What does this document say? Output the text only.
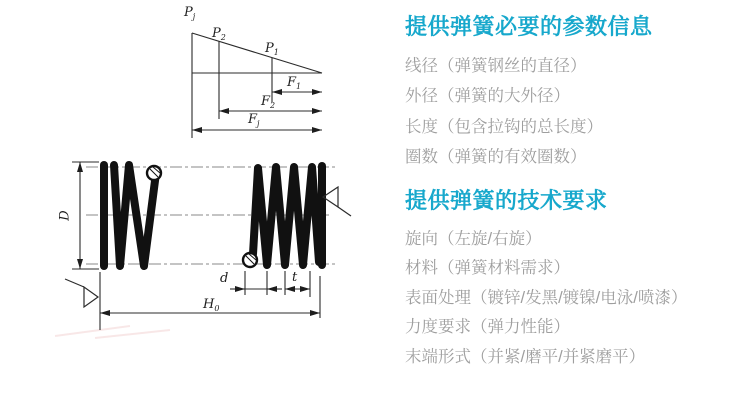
$P_j$
$P_2$
$P_1$
$F_1$
$F_2$
$F_j$
D
d	t
$H_0$
提供弹簧必要的参数信息
线径（弹簧钢丝的直径）
外径（弹簧的大外径）
长度（包含拉钩的总长度）
圈数（弹簧的有效圈数）
提供弹簧的技术要求
旋向（左旋/右旋）
材料（弹簧材料需求）
表面处理（镀锌/发黑/镀镍/电泳/喷漆）
力度要求（弹力性能）
末端形式（并紧/磨平/并紧磨平）
